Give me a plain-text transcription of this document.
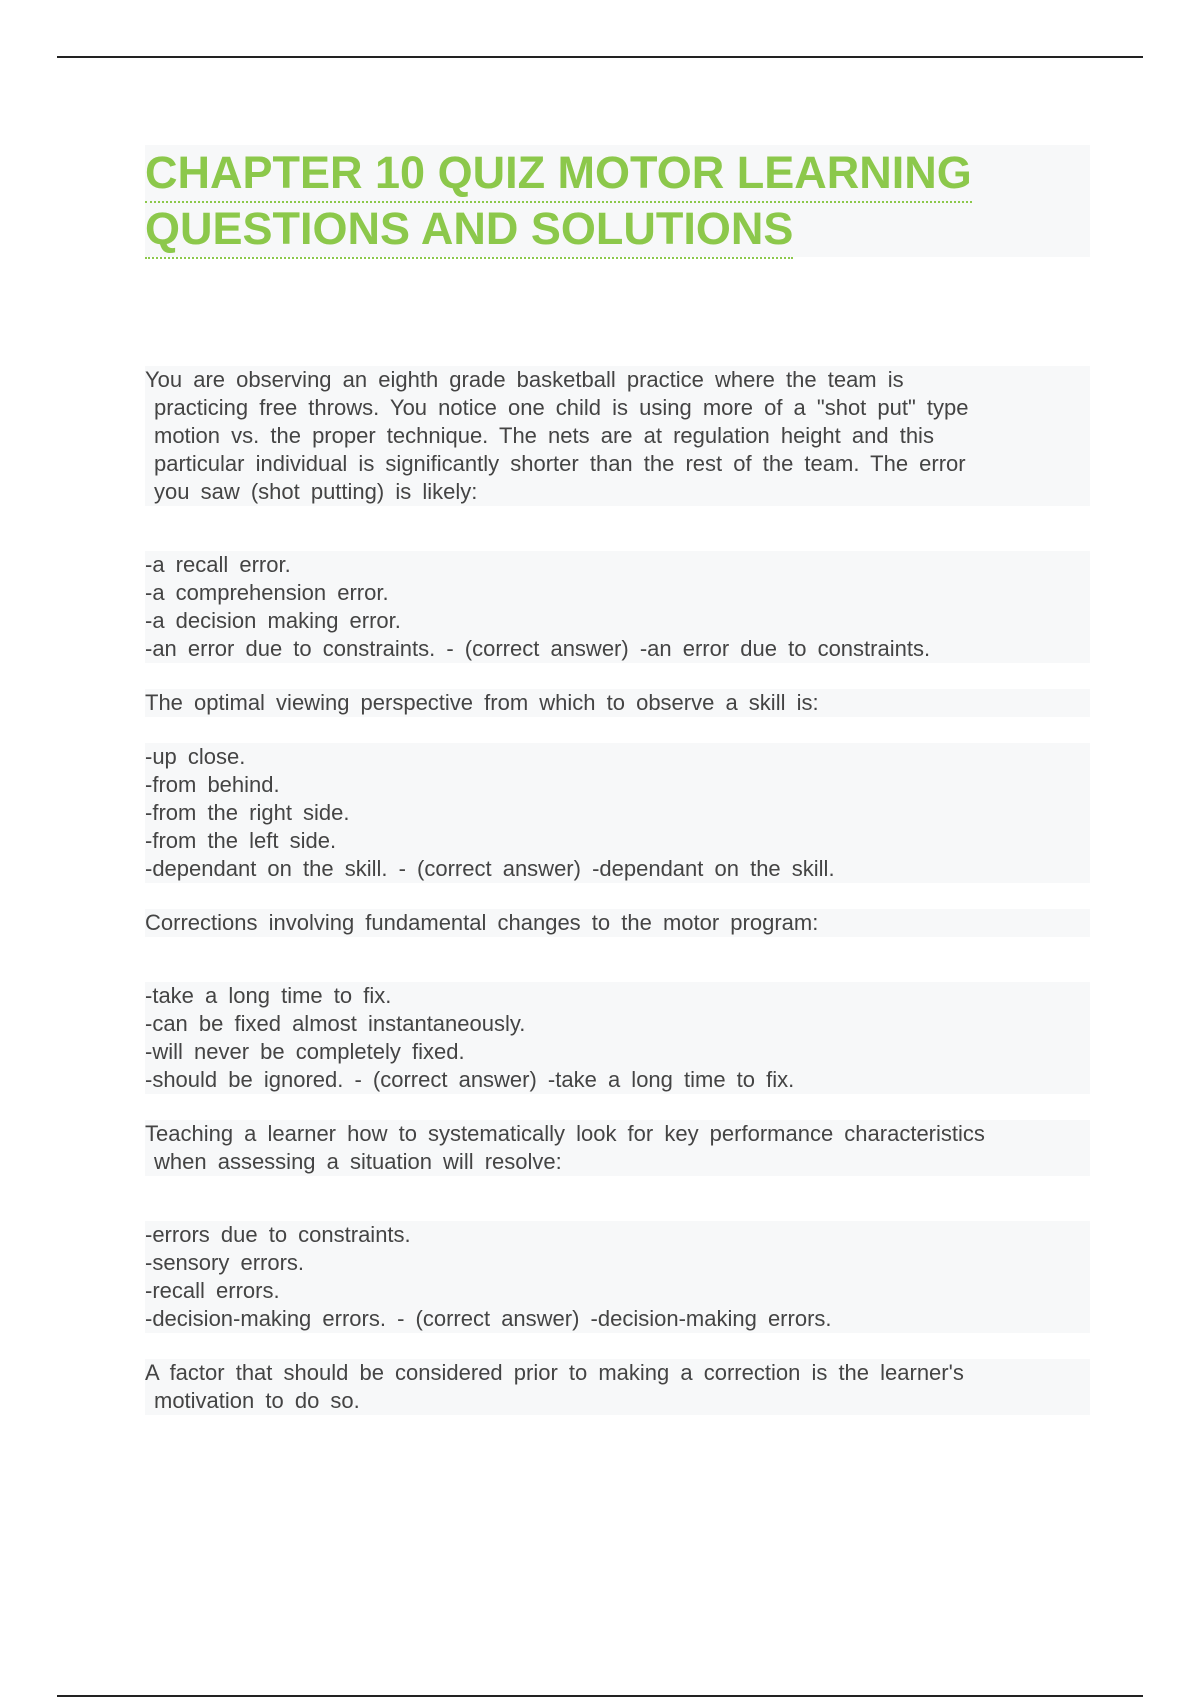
CHAPTER 10 QUIZ MOTOR LEARNING
QUESTIONS AND SOLUTIONS
You are observing an eighth grade basketball practice where the team is
practicing free throws. You notice one child is using more of a "shot put" type
motion vs. the proper technique. The nets are at regulation height and this
particular individual is significantly shorter than the rest of the team. The error
you saw (shot putting) is likely:
-a recall error.
-a comprehension error.
-a decision making error.
-an error due to constraints. - (correct answer) -an error due to constraints.
The optimal viewing perspective from which to observe a skill is:
-up close.
-from behind.
-from the right side.
-from the left side.
-dependant on the skill. - (correct answer) -dependant on the skill.
Corrections involving fundamental changes to the motor program:
-take a long time to fix.
-can be fixed almost instantaneously.
-will never be completely fixed.
-should be ignored. - (correct answer) -take a long time to fix.
Teaching a learner how to systematically look for key performance characteristics
when assessing a situation will resolve:
-errors due to constraints.
-sensory errors.
-recall errors.
-decision-making errors. - (correct answer) -decision-making errors.
A factor that should be considered prior to making a correction is the learner's
motivation to do so.
